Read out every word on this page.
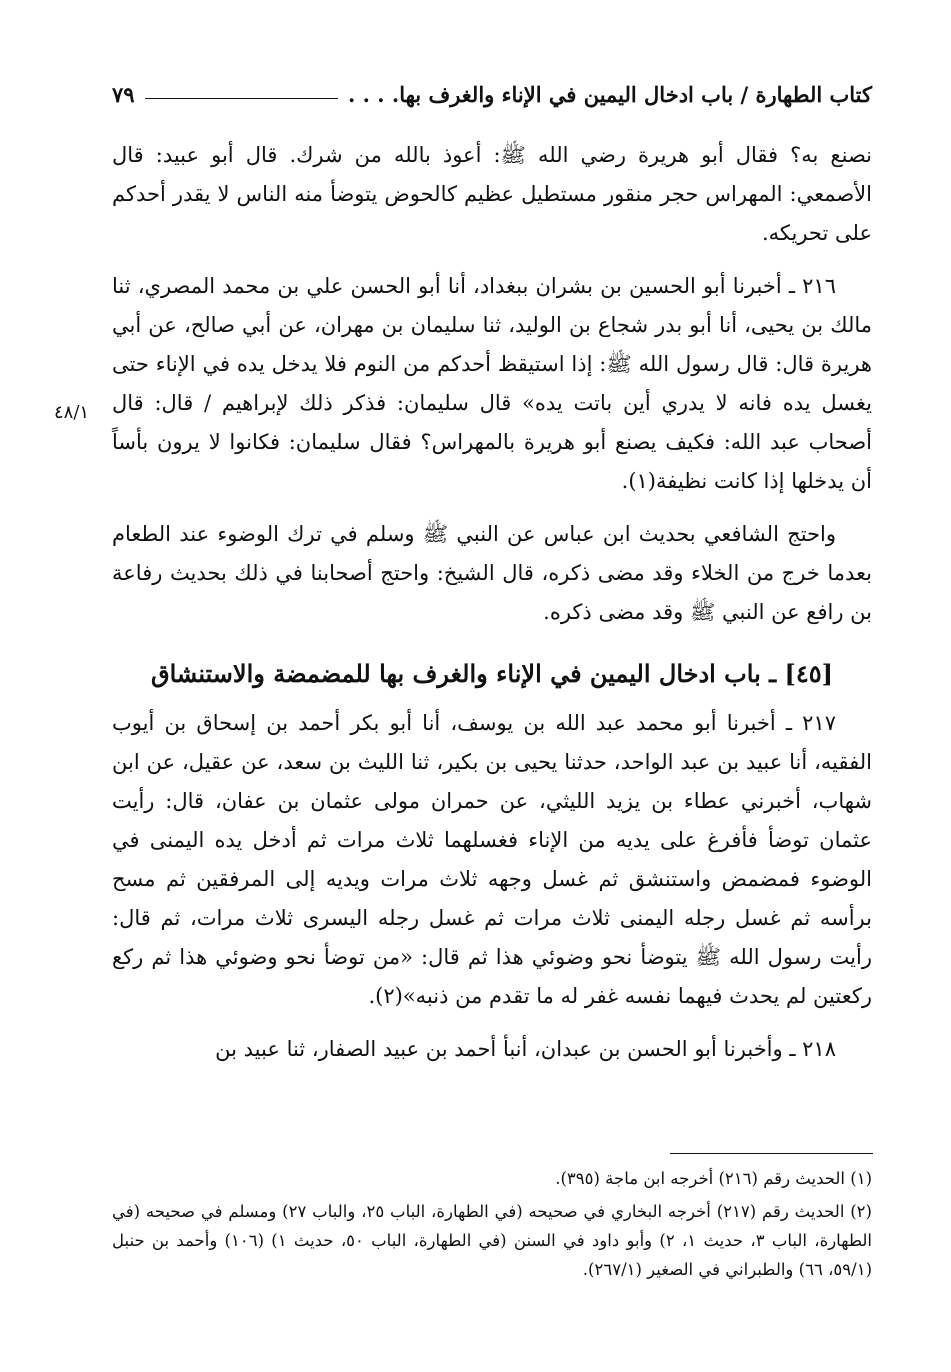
كتاب الطهارة / باب ادخال اليمين في الإناء والغرف بها. . . .
٧٩
٤٨/١

نصنع به؟ فقال أبو هريرة رضي الله ﷺ: أعوذ بالله من شرك. قال أبو عبيد: قال الأصمعي: المهراس حجر منقور مستطيل عظيم كالحوض يتوضأ منه الناس لا يقدر أحدكم على تحريكه.

٢١٦ ـ أخبرنا أبو الحسين بن بشران ببغداد، أنا أبو الحسن علي بن محمد المصري، ثنا مالك بن يحيى، أنا أبو بدر شجاع بن الوليد، ثنا سليمان بن مهران، عن أبي صالح، عن أبي هريرة قال: قال رسول الله ﷺ: إذا استيقظ أحدكم من النوم فلا يدخل يده في الإناء حتى يغسل يده فانه لا يدري أين باتت يده» قال سليمان: فذكر ذلك لإبراهيم / قال: قال أصحاب عبد الله: فكيف يصنع أبو هريرة بالمهراس؟ فقال سليمان: فكانوا لا يرون بأساً أن يدخلها إذا كانت نظيفة(١).

واحتج الشافعي بحديث ابن عباس عن النبي ﷺ وسلم في ترك الوضوء عند الطعام بعدما خرج من الخلاء وقد مضى ذكره، قال الشيخ: واحتج أصحابنا في ذلك بحديث رفاعة بن رافع عن النبي ﷺ وقد مضى ذكره.

[٤٥] ـ باب ادخال اليمين في الإناء والغرف بها للمضمضة والاستنشاق

٢١٧ ـ أخبرنا أبو محمد عبد الله بن يوسف، أنا أبو بكر أحمد بن إسحاق بن أيوب الفقيه، أنا عبيد بن عبد الواحد، حدثنا يحيى بن بكير، ثنا الليث بن سعد، عن عقيل، عن ابن شهاب، أخبرني عطاء بن يزيد الليثي، عن حمران مولى عثمان بن عفان، قال: رأيت عثمان توضأ فأفرغ على يديه من الإناء فغسلهما ثلاث مرات ثم أدخل يده اليمنى في الوضوء فمضمض واستنشق ثم غسل وجهه ثلاث مرات ويديه إلى المرفقين ثم مسح برأسه ثم غسل رجله اليمنى ثلاث مرات ثم غسل رجله اليسرى ثلاث مرات، ثم قال: رأيت رسول الله ﷺ يتوضأ نحو وضوئي هذا ثم قال: «من توضأ نحو وضوئي هذا ثم ركع ركعتين لم يحدث فيهما نفسه غفر له ما تقدم من ذنبه»(٢).

٢١٨ ـ وأخبرنا أبو الحسن بن عبدان، أنبأ أحمد بن عبيد الصفار، ثنا عبيد بن

(١) الحديث رقم (٢١٦) أخرجه ابن ماجة (٣٩٥).

(٢) الحديث رقم (٢١٧) أخرجه البخاري في صحيحه (في الطهارة، الباب ٢٥، والباب ٢٧) ومسلم في صحيحه (في الطهارة، الباب ٣، حديث ١، ٢) وأبو داود في السنن (في الطهارة، الباب ٥٠، حديث ١) (١٠٦) وأحمد بن حنبل (٥٩/١، ٦٦) والطبراني في الصغير (٢٦٧/١).
